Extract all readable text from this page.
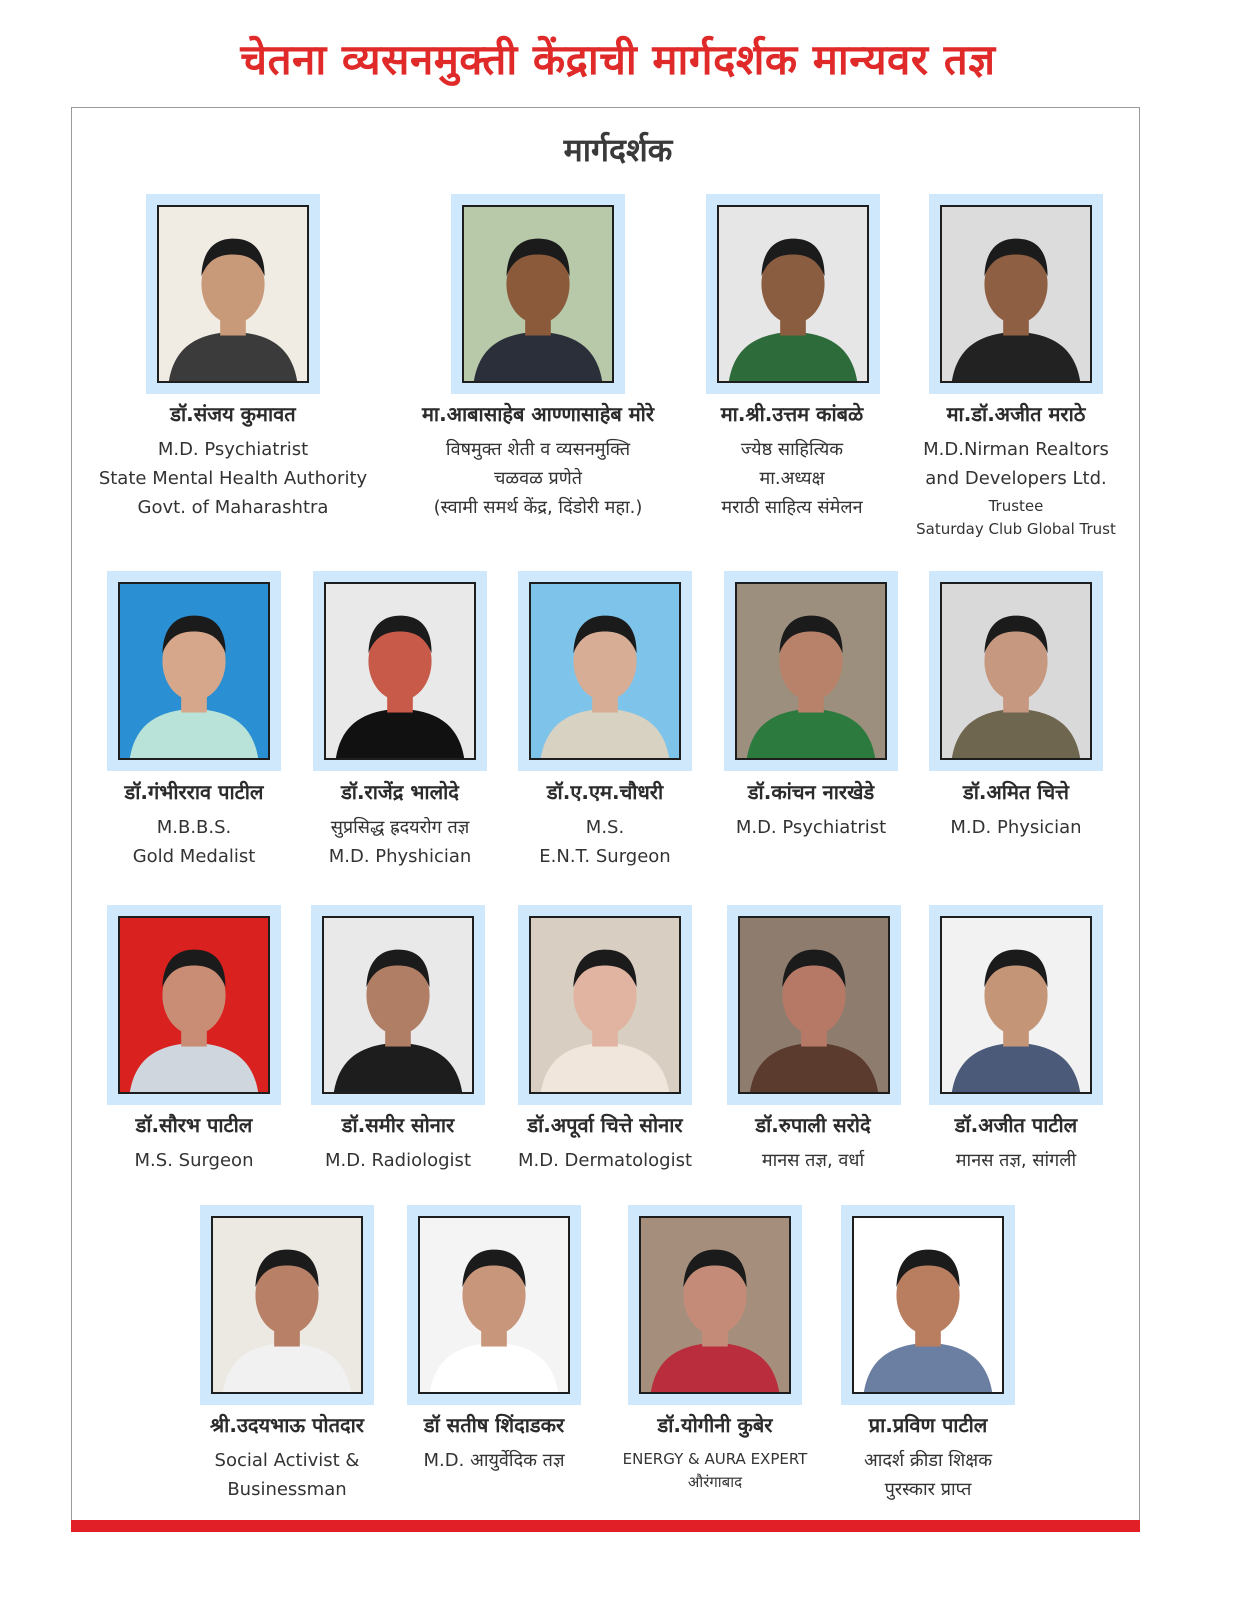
चेतना व्यसनमुक्ती केंद्राची मार्गदर्शक मान्यवर तज्ञ
मार्गदर्शक
डॉ.संजय कुमावत
M.D. Psychiatrist
State Mental Health Authority
Govt. of Maharashtra
मा.आबासाहेब आण्णासाहेब मोरे
विषमुक्त शेती व व्यसनमुक्ति
चळवळ प्रणेते
(स्वामी समर्थ केंद्र, दिंडोरी महा.)
मा.श्री.उत्तम कांबळे
ज्येष्ठ साहित्यिक
मा.अध्यक्ष
मराठी साहित्य संमेलन
मा.डॉ.अजीत मराठे
M.D.Nirman Realtors
and Developers Ltd.
Trustee
Saturday Club Global Trust
डॉ.गंभीरराव पाटील
M.B.B.S.
Gold Medalist
डॉ.राजेंद्र भालोदे
सुप्रसिद्ध ह्रदयरोग तज्ञ
M.D. Physhician
डॉ.ए.एम.चौधरी
M.S.
E.N.T. Surgeon
डॉ.कांचन नारखेडे
M.D. Psychiatrist
डॉ.अमित चित्ते
M.D. Physician
डॉ.सौरभ पाटील
M.S. Surgeon
डॉ.समीर सोनार
M.D. Radiologist
डॉ.अपूर्वा चित्ते सोनार
M.D. Dermatologist
डॉ.रुपाली सरोदे
मानस तज्ञ, वर्धा
डॉ.अजीत पाटील
मानस तज्ञ, सांगली
श्री.उदयभाऊ पोतदार
Social Activist &
Businessman
डॉ सतीष शिंदाडकर
M.D. आयुर्वेदिक तज्ञ
डॉ.योगीनी कुबेर
ENERGY & AURA EXPERT
औरंगाबाद
प्रा.प्रविण पाटील
आदर्श क्रीडा शिक्षक
पुरस्कार प्राप्त
